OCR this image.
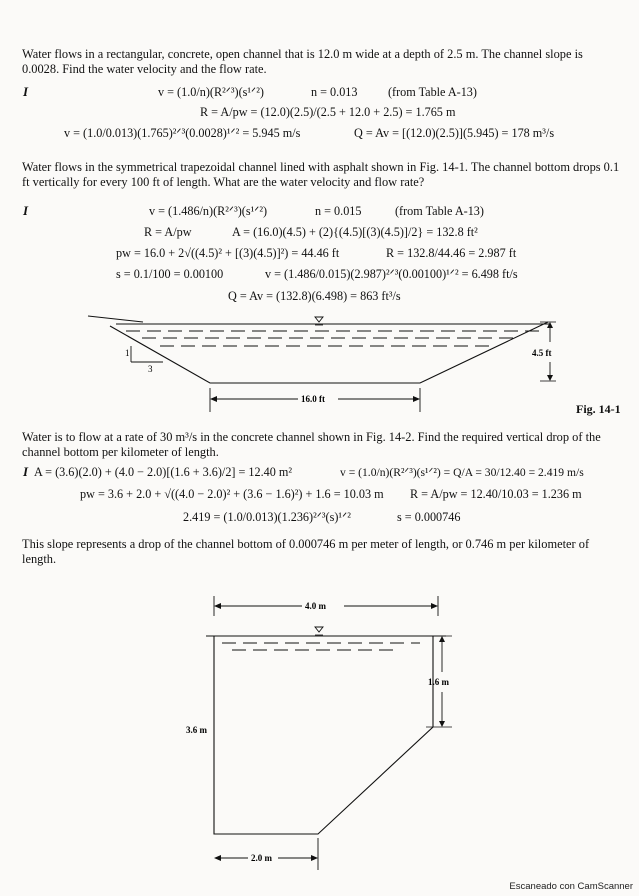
Water flows in a rectangular, concrete, open channel that is 12.0 m wide at a depth of 2.5 m. The channel slope is 0.0028. Find the water velocity and the flow rate.

I	v = (1.0/n)(R²ᐟ³)(s¹ᐟ²)	n = 0.013	(from Table A-13)
R = A/pw = (12.0)(2.5)/(2.5 + 12.0 + 2.5) = 1.765 m
v = (1.0/0.013)(1.765)²ᐟ³(0.0028)¹ᐟ² = 5.945 m/s	Q = Av = [(12.0)(2.5)](5.945) = 178 m³/s

Water flows in the symmetrical trapezoidal channel lined with asphalt shown in Fig. 14-1. The channel bottom drops 0.1 ft vertically for every 100 ft of length. What are the water velocity and flow rate?

I	v = (1.486/n)(R²ᐟ³)(s¹ᐟ²)	n = 0.015	(from Table A-13)
R = A/pw	A = (16.0)(4.5) + (2){(4.5)[(3)(4.5)]/2} = 132.8 ft²
pw = 16.0 + 2√((4.5)² + [(3)(4.5)]²) = 44.46 ft	R = 132.8/44.46 = 2.987 ft
s = 0.1/100 = 0.00100	v = (1.486/0.015)(2.987)²ᐟ³(0.00100)¹ᐟ² = 6.498 ft/s
Q = Av = (132.8)(6.498) = 863 ft³/s
1
3
4.5 ft
16.0 ft
Fig. 14-1

Water is to flow at a rate of 30 m³/s in the concrete channel shown in Fig. 14-2. Find the required vertical drop of the channel bottom per kilometer of length.

I A = (3.6)(2.0) + (4.0 − 2.0)[(1.6 + 3.6)/2] = 12.40 m²	v = (1.0/n)(R²ᐟ³)(s¹ᐟ²) = Q/A = 30/12.40 = 2.419 m/s
pw = 3.6 + 2.0 + √((4.0 − 2.0)² + (3.6 − 1.6)²) + 1.6 = 10.03 m R = A/pw = 12.40/10.03 = 1.236 m
2.419 = (1.0/0.013)(1.236)²ᐟ³(s)¹ᐟ²	s = 0.000746

This slope represents a drop of the channel bottom of 0.000746 m per meter of length, or 0.746 m per kilometer of length.

4.0 m
1.6 m
3.6 m
2.0 m
Escaneado con CamScanner
